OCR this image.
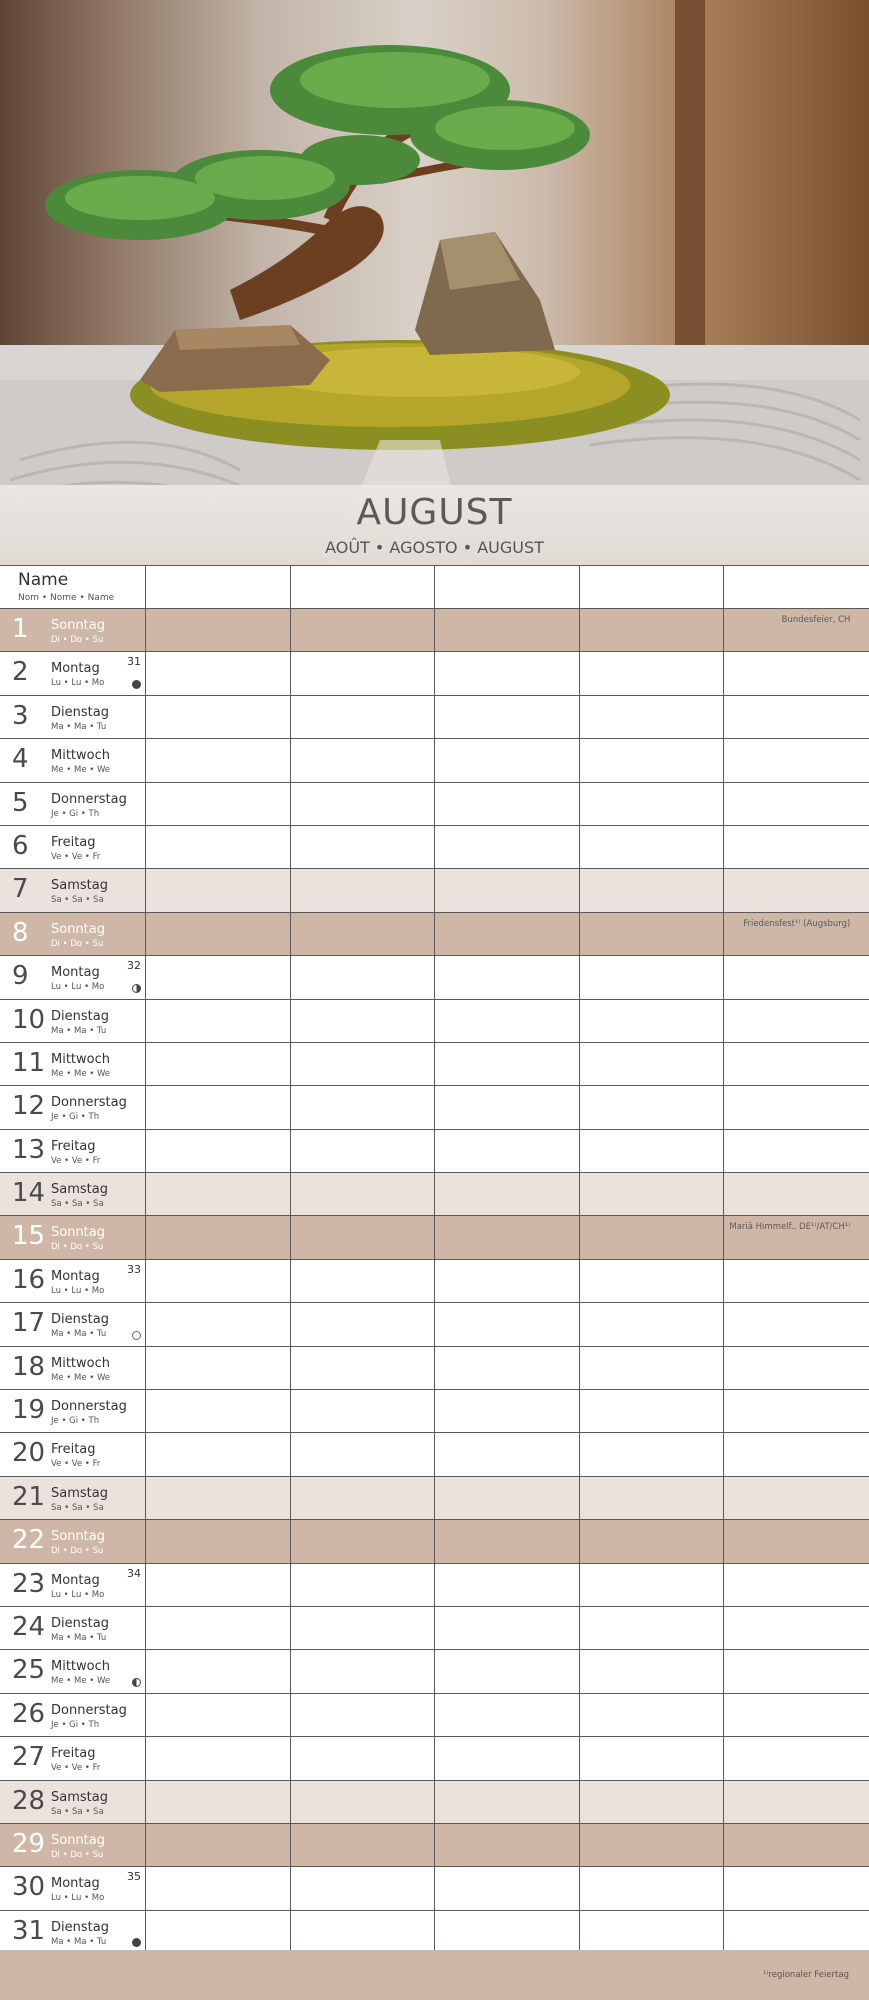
AUGUST
AOÛT • AGOSTO • AUGUST
Name
Nom • Nome • Name
1 Sonntag
Di • Do • Su
Bundesfeier, CH
2 Montag
Lu • Lu • Mo
31
3 Dienstag
Ma • Ma • Tu
4 Mittwoch
Me • Me • We
5 Donnerstag
Je • Gi • Th
6 Freitag
Ve • Ve • Fr
7 Samstag
Sa • Sa • Sa
8 Sonntag
Di • Do • Su
Friedensfest¹⁾ (Augsburg)
9 Montag
Lu • Lu • Mo
32
10 Dienstag
Ma • Ma • Tu
11 Mittwoch
Me • Me • We
12 Donnerstag
Je • Gi • Th
13 Freitag
Ve • Ve • Fr
14 Samstag
Sa • Sa • Sa
15 Sonntag
Di • Do • Su
Mariä Himmelf., DE¹⁾/AT/CH¹⁾
16 Montag
Lu • Lu • Mo
33
17 Dienstag
Ma • Ma • Tu
18 Mittwoch
Me • Me • We
19 Donnerstag
Je • Gi • Th
20 Freitag
Ve • Ve • Fr
21 Samstag
Sa • Sa • Sa
22 Sonntag
Di • Do • Su
23 Montag
Lu • Lu • Mo
34
24 Dienstag
Ma • Ma • Tu
25 Mittwoch
Me • Me • We
26 Donnerstag
Je • Gi • Th
27 Freitag
Ve • Ve • Fr
28 Samstag
Sa • Sa • Sa
29 Sonntag
Di • Do • Su
30 Montag
Lu • Lu • Mo
35
31 Dienstag
Ma • Ma • Tu
¹⁾regionaler Feiertag
